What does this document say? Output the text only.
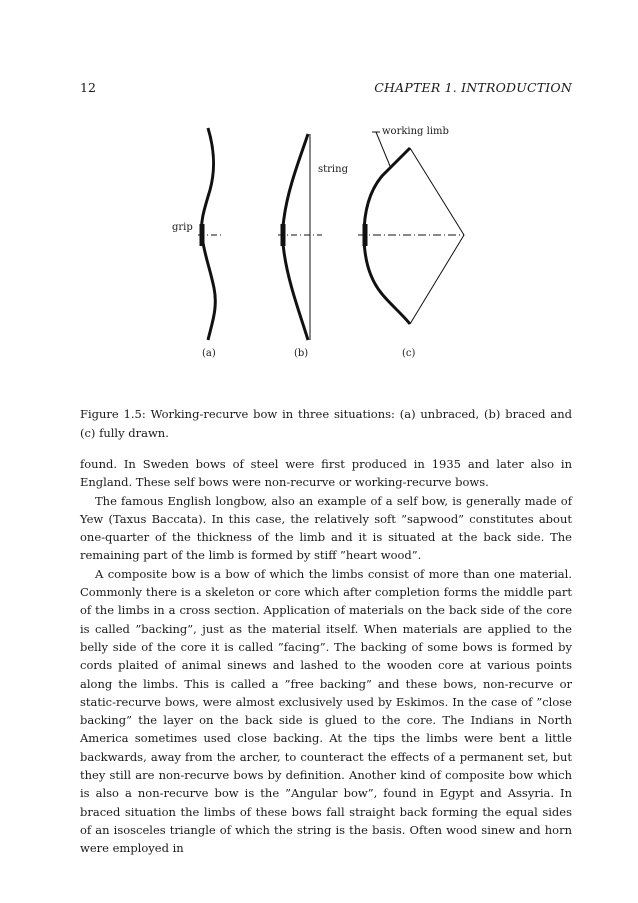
12	CHAPTER 1. INTRODUCTION
grip
(a)
string
(b)
working limb
(c)
Figure 1.5: Working-recurve bow in three situations: (a) unbraced, (b) braced and (c) fully drawn.

found. In Sweden bows of steel were first produced in 1935 and later also in England. These self bows were non-recurve or working-recurve bows.

The famous English longbow, also an example of a self bow, is generally made of Yew (Taxus Baccata). In this case, the relatively soft ”sapwood” constitutes about one-quarter of the thickness of the limb and it is situated at the back side. The remaining part of the limb is formed by stiff ”heart wood”.

A composite bow is a bow of which the limbs consist of more than one material. Commonly there is a skeleton or core which after completion forms the middle part of the limbs in a cross section. Application of materials on the back side of the core is called ”backing”, just as the material itself. When materials are applied to the belly side of the core it is called ”facing”. The backing of some bows is formed by cords plaited of animal sinews and lashed to the wooden core at various points along the limbs. This is called a ”free backing” and these bows, non-recurve or static-recurve bows, were almost exclusively used by Eskimos. In the case of ”close backing” the layer on the back side is glued to the core. The Indians in North America sometimes used close backing. At the tips the limbs were bent a little backwards, away from the archer, to counteract the effects of a permanent set, but they still are non-recurve bows by definition. Another kind of composite bow which is also a non-recurve bow is the ”Angular bow”, found in Egypt and Assyria. In braced situation the limbs of these bows fall straight back forming the equal sides of an isosceles triangle of which the string is the basis. Often wood sinew and horn were employed in
